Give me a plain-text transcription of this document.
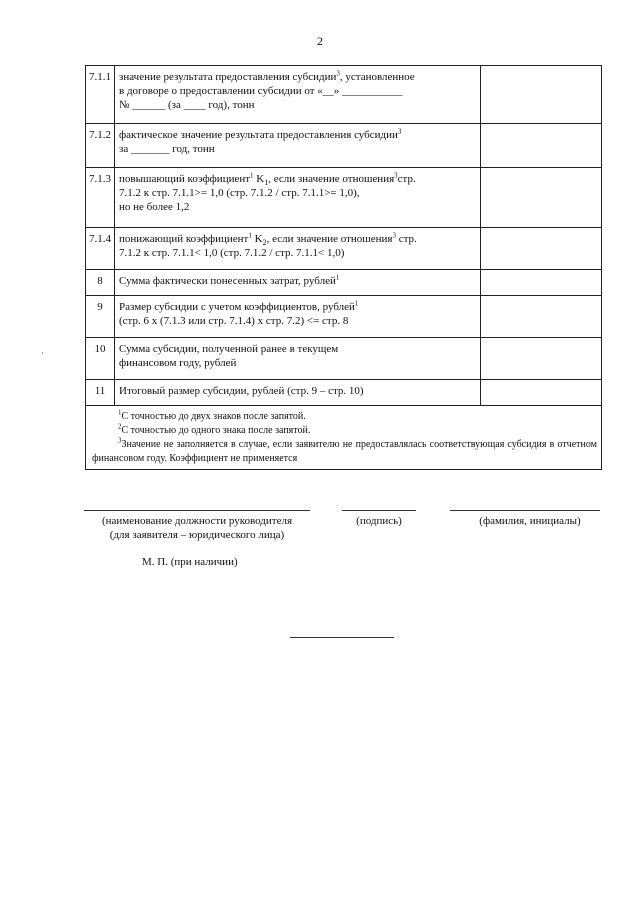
2
7.1.1	значение результата предоставления субсидии$^3$, установленное
в договоре о предоставлении субсидии от «__» ___________
№ ______ (за ____ год), тонн	

7.1.2	фактическое значение результата предоставления субсидии$^3$
за _______ год, тонн	

7.1.3	повышающий коэффициент$^1$ $K_1$, если значение отношения$^3$стр.
7.1.2 к стр. 7.1.1>= 1,0 (стр. 7.1.2 / стр. 7.1.1>= 1,0),
но не более 1,2	

7.1.4	понижающий коэффициент$^1$ $K_2$, если значение отношения$^3$ стр.
7.1.2 к стр. 7.1.1< 1,0 (стр. 7.1.2 / стр. 7.1.1< 1,0)	

8	Сумма фактически понесенных затрат, рублей$^1$

9	Размер субсидии с учетом коэффициентов, рублей$^1$
(стр. 6 х (7.1.3 или стр. 7.1.4) х стр. 7.2) <= стр. 8	

10	Сумма субсидии, полученной ранее в текущем
финансовом году, рублей	

11	Итоговый размер субсидии, рублей (стр. 9 – стр. 10)	

$^1$С точностью до двух знаков после запятой.
$^2$С точностью до одного знака после запятой.
$^3$Значение не заполняется в случае, если заявителю не предоставлялась соответствующая субсидия в отчетном финансовом году. Коэффициент не применяется		
(наименование должности руководителя
(для заявителя – юридического лица)
(подпись)	(фамилия, инициалы)
М. П. (при наличии)
